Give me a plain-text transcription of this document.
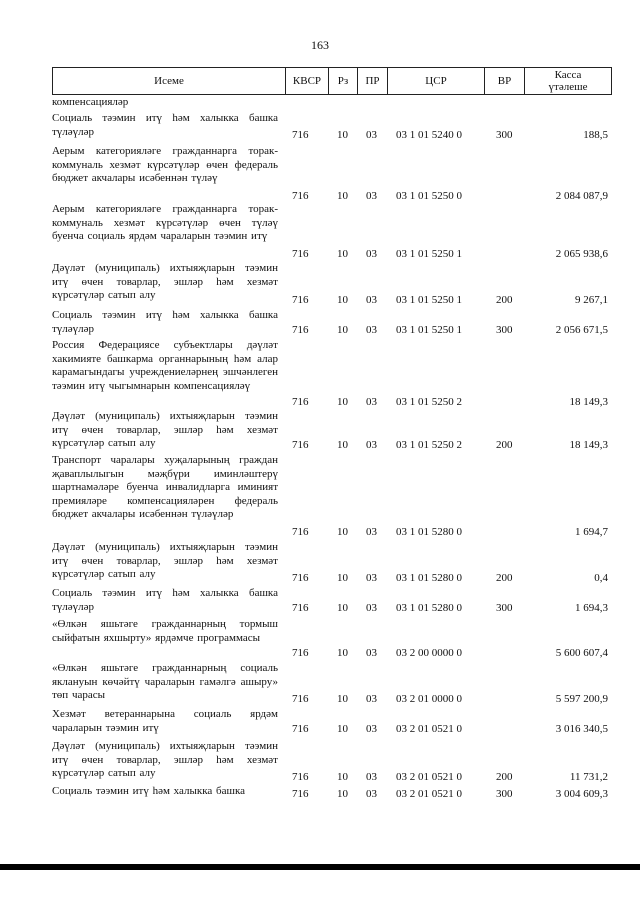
163
Исеме	КВСР	Рз	ПР	ЦСР	ВР	Касса
үтәлеше
компенсацияләр
Социаль тәэмин итү һәм халыкка башка түләүләр	716	10 03 03 1 01 5240 0	300	188,5
Аерым категорияләге гражданнарга торак-коммуналь хезмәт күрсәтүләр өчен федераль бюджет акчалары исәбеннән түләү
716	10 03 03 1 01 5250 0	2 084 087,9
Аерым категорияләге гражданнарга торак-коммуналь хезмәт күрсәтүләр өчен түләү буенча социаль ярдәм чараларын тәэмин итү
716	10 03 03 1 01 5250 1	2 065 938,6
Дәүләт (муниципаль) ихтыяҗларын тәэмин итү өчен товарлар, эшләр һәм хезмәт күрсәтүләр сатып алу	716	10 03 03 1 01 5250 1	200	9 267,1
Социаль тәэмин итү һәм халыкка башка түләүләр	716	10 03 03 1 01 5250 1	300	2 056 671,5
Россия Федерациясе субъектлары дәүләт хакимияте башкарма органнарының һәм алар карамагындагы учреждениеләрнең эшчәнлеген тәэмин итү чыгымнарын компенсацияләү
716	10 03 03 1 01 5250 2	18 149,3
Дәүләт (муниципаль) ихтыяҗларын тәэмин итү өчен товарлар, эшләр һәм хезмәт күрсәтүләр сатып алу	716	10 03 03 1 01 5250 2	200	18 149,3
Транспорт чаралары хуҗаларының граждан җаваплылыгын мәҗбүри иминләштерү шартнамәләре буенча инвалидларга иминият премияләре компенсацияләрен федераль бюджет акчалары исәбеннән түләүләр
716	10 03 03 1 01 5280 0	1 694,7
Дәүләт (муниципаль) ихтыяҗларын тәэмин итү өчен товарлар, эшләр һәм хезмәт күрсәтүләр сатып алу	716	10 03 03 1 01 5280 0	200	0,4
Социаль тәэмин итү һәм халыкка башка түләүләр	716	10 03 03 1 01 5280 0	300	1 694,3
«Өлкән яшьтәге гражданнарның тормыш сыйфатын яхшырту» ярдәмче программасы
716	10 03 03 2 00 0000 0	5 600 607,4
«Өлкән яшьтәге гражданнарның социаль яклануын көчәйтү чараларын гамәлгә ашыру» төп чарасы	716	10 03 03 2 01 0000 0	5 597 200,9
Хезмәт ветераннарына социаль ярдәм чараларын тәэмин итү	716	10 03 03 2 01 0521 0	3 016 340,5
Дәүләт (муниципаль) ихтыяҗларын тәэмин итү өчен товарлар, эшләр һәм хезмәт күрсәтүләр сатып алу	716	10 03 03 2 01 0521 0	200	11 731,2
Социаль тәэмин итү һәм халыкка башка	716	10 03 03 2 01 0521 0	300	3 004 609,3
